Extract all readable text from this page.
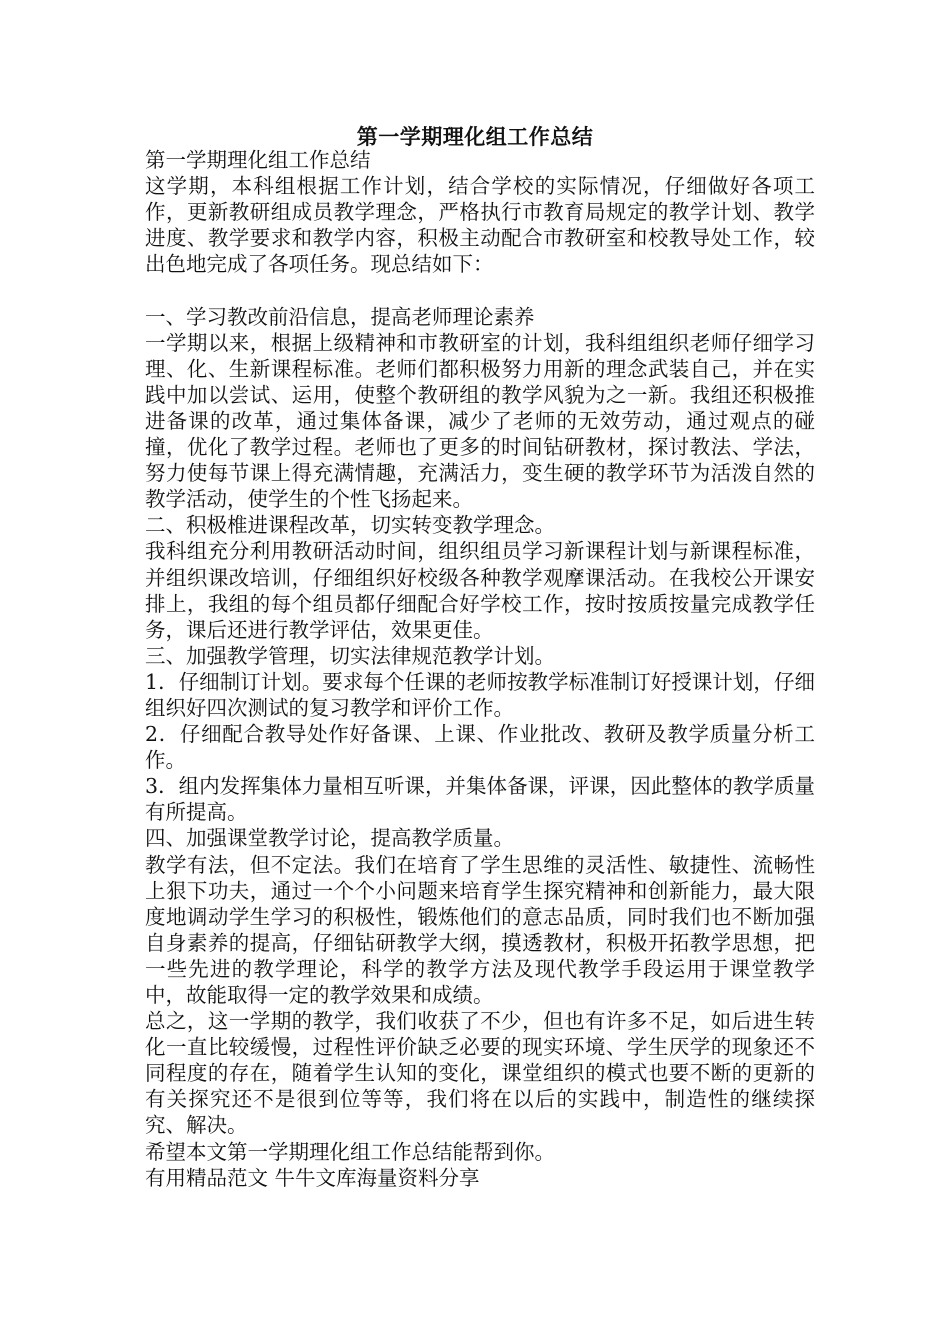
第一学期理化组工作总结

第一学期理化组工作总结

这学期，本科组根据工作计划，结合学校的实际情况，仔细做好各项工作，更新教研组成员教学理念，严格执行市教育局规定的教学计划、教学进度、教学要求和教学内容，积极主动配合市教研室和校教导处工作，较出色地完成了各项任务。现总结如下：

一、学习教改前沿信息，提高老师理论素养

一学期以来，根据上级精神和市教研室的计划，我科组组织老师仔细学习理、化、生新课程标准。老师们都积极努力用新的理念武装自己，并在实践中加以尝试、运用，使整个教研组的教学风貌为之一新。我组还积极推进备课的改革，通过集体备课，减少了老师的无效劳动，通过观点的碰撞，优化了教学过程。老师也了更多的时间钻研教材，探讨教法、学法，努力使每节课上得充满情趣，充满活力，变生硬的教学环节为活泼自然的教学活动，使学生的个性飞扬起来。

二、积极椎进课程改革，切实转变教学理念。

我科组充分利用教研活动时间，组织组员学习新课程计划与新课程标准，并组织课改培训，仔细组织好校级各种教学观摩课活动。在我校公开课安排上，我组的每个组员都仔细配合好学校工作，按时按质按量完成教学任务，课后还进行教学评估，效果更佳。

三、加强教学管理，切实法律规范教学计划。

1．仔细制订计划。要求每个任课的老师按教学标准制订好授课计划，仔细组织好四次测试的复习教学和评价工作。

2．仔细配合教导处作好备课、上课、作业批改、教研及教学质量分析工作。

3．组内发挥集体力量相互听课，并集体备课，评课，因此整体的教学质量有所提高。

四、加强课堂教学讨论，提高教学质量。

教学有法，但不定法。我们在培育了学生思维的灵活性、敏捷性、流畅性上狠下功夫，通过一个个小问题来培育学生探究精神和创新能力，最大限度地调动学生学习的积极性，锻炼他们的意志品质，同时我们也不断加强自身素养的提高，仔细钻研教学大纲，摸透教材，积极开拓教学思想，把一些先进的教学理论，科学的教学方法及现代教学手段运用于课堂教学中，故能取得一定的教学效果和成绩。

总之，这一学期的教学，我们收获了不少，但也有许多不足，如后进生转化一直比较缓慢，过程性评价缺乏必要的现实环境、学生厌学的现象还不同程度的存在，随着学生认知的变化，课堂组织的模式也要不断的更新的有关探究还不是很到位等等，我们将在以后的实践中，制造性的继续探究、解决。

希望本文第一学期理化组工作总结能帮到你。

有用精品范文 牛牛文库海量资料分享
